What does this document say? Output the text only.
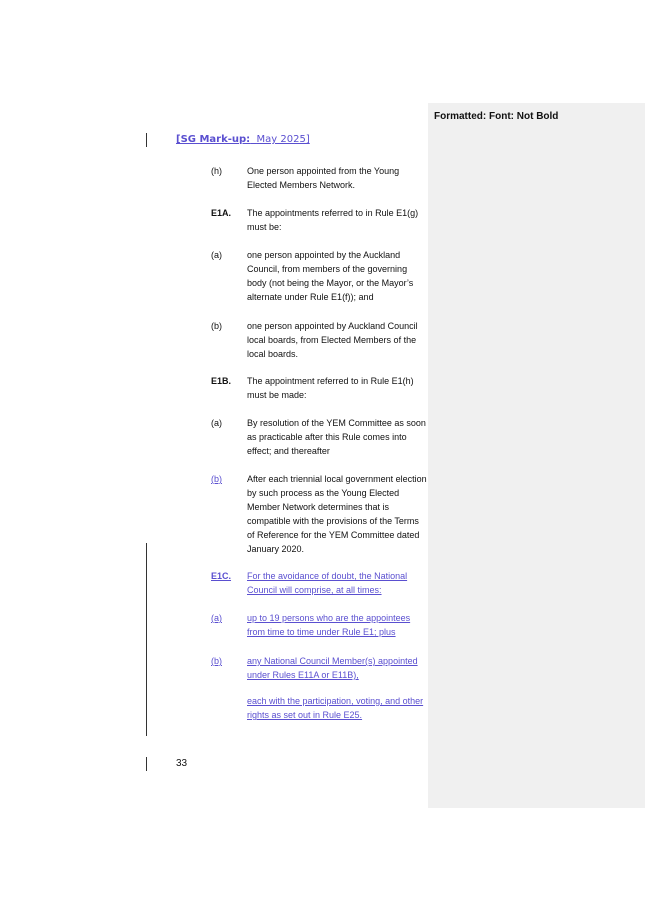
Formatted: Font: Not Bold
[SG Mark-up: May 2025]
(h)	One person appointed from the Young Elected Members Network.
E1A. The appointments referred to in Rule E1(g) must be:
(a)	one person appointed by the Auckland Council, from members of the governing body (not being the Mayor, or the Mayor’s alternate under Rule E1(f)); and
(b)	one person appointed by Auckland Council local boards, from Elected Members of the local boards.
E1B. The appointment referred to in Rule E1(h) must be made:
(a)	By resolution of the YEM Committee as soon as practicable after this Rule comes into effect; and thereafter
(b)	After each triennial local government election by such process as the Young Elected Member Network determines that is compatible with the provisions of the Terms of Reference for the YEM Committee dated January 2020.
E1C. For the avoidance of doubt, the National Council will comprise, at all times:
(a)	up to 19 persons who are the appointees from time to time under Rule E1; plus
(b)	any National Council Member(s) appointed under Rules E11A or E11B),
each with the participation, voting, and other rights as set out in Rule E25.
33
